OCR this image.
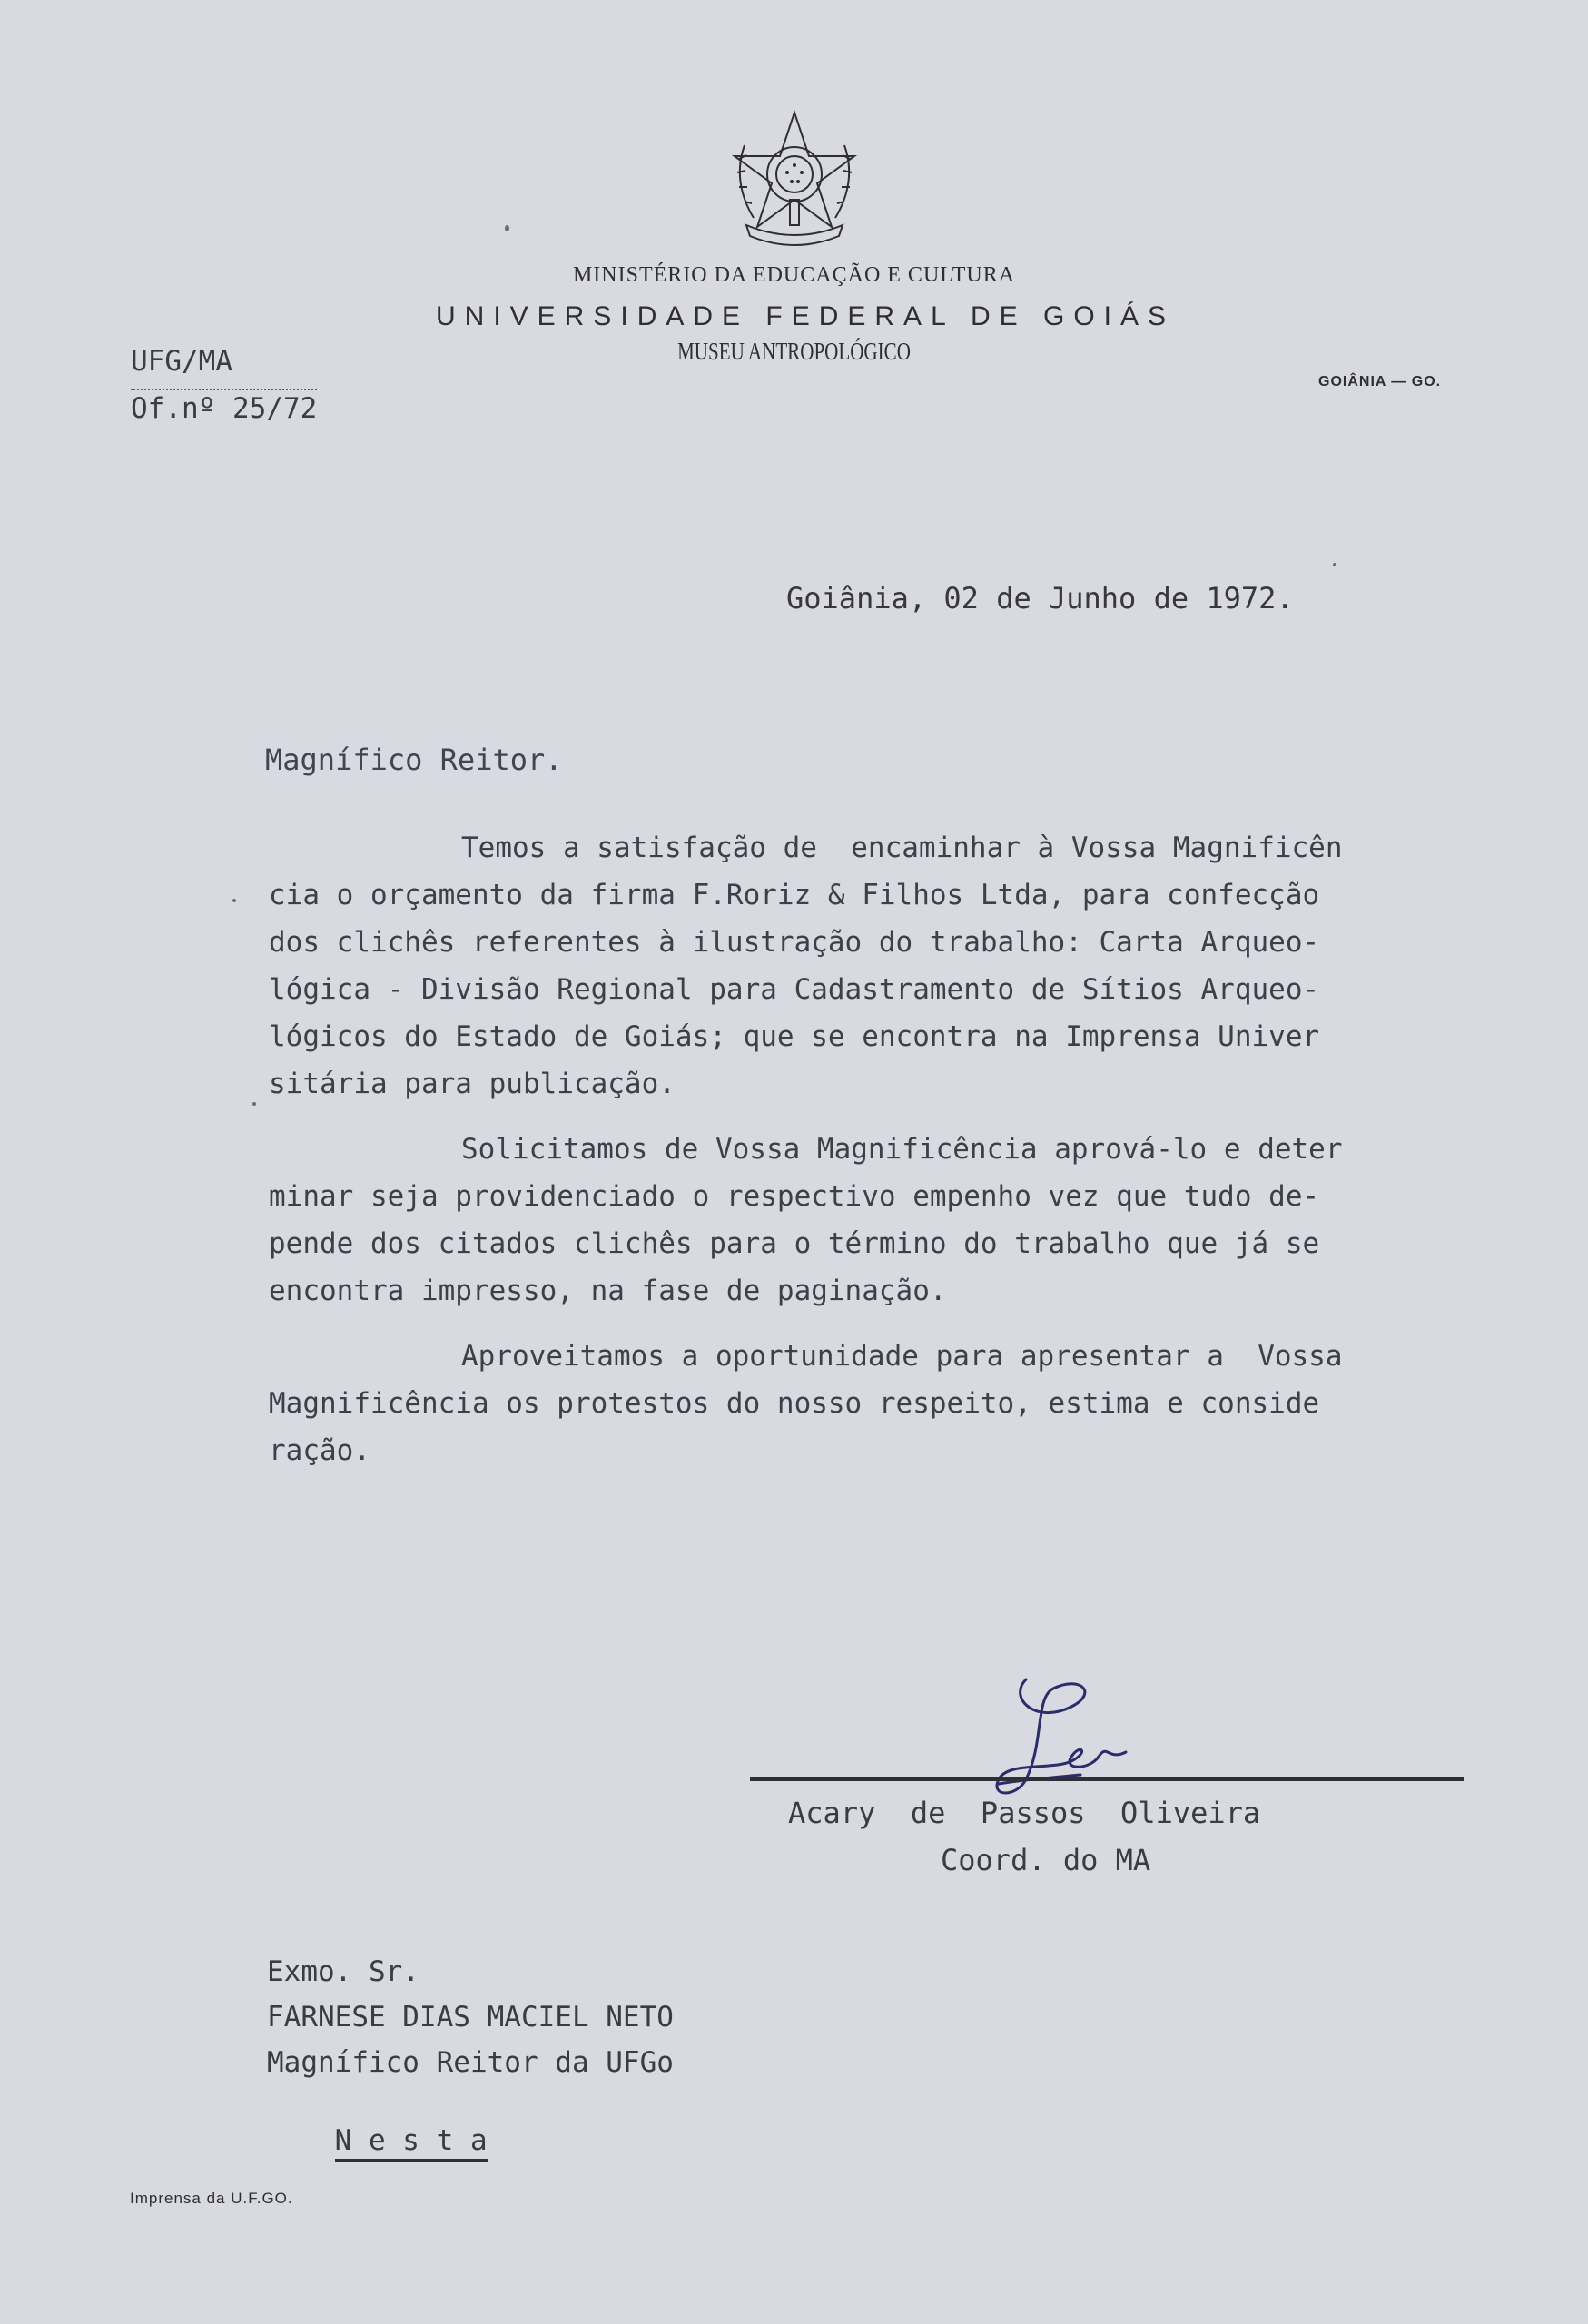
MINISTÉRIO DA EDUCAÇÃO E CULTURA
UNIVERSIDADE FEDERAL DE GOIÁS
MUSEU ANTROPOLÓGICO
GOIÂNIA — GO.
UFG/MA
Of.nº 25/72
Goiânia, 02 de Junho de 1972.
Magnífico Reitor.
Temos a satisfação de  encaminhar à Vossa Magnificên
cia o orçamento da firma F.Roriz & Filhos Ltda, para confecção
dos clichês referentes à ilustração do trabalho: Carta Arqueo-
lógica - Divisão Regional para Cadastramento de Sítios Arqueo-
lógicos do Estado de Goiás; que se encontra na Imprensa Univer
sitária para publicação.
Solicitamos de Vossa Magnificência aprová-lo e deter
minar seja providenciado o respectivo empenho vez que tudo de-
pende dos citados clichês para o término do trabalho que já se
encontra impresso, na fase de paginação.
Aproveitamos a oportunidade para apresentar a  Vossa
Magnificência os protestos do nosso respeito, estima e conside
ração.
Acary  de  Passos  Oliveira
Coord. do MA
Exmo. Sr.
FARNESE DIAS MACIEL NETO
Magnífico Reitor da UFGo

N e s t a

Imprensa da U.F.GO.
